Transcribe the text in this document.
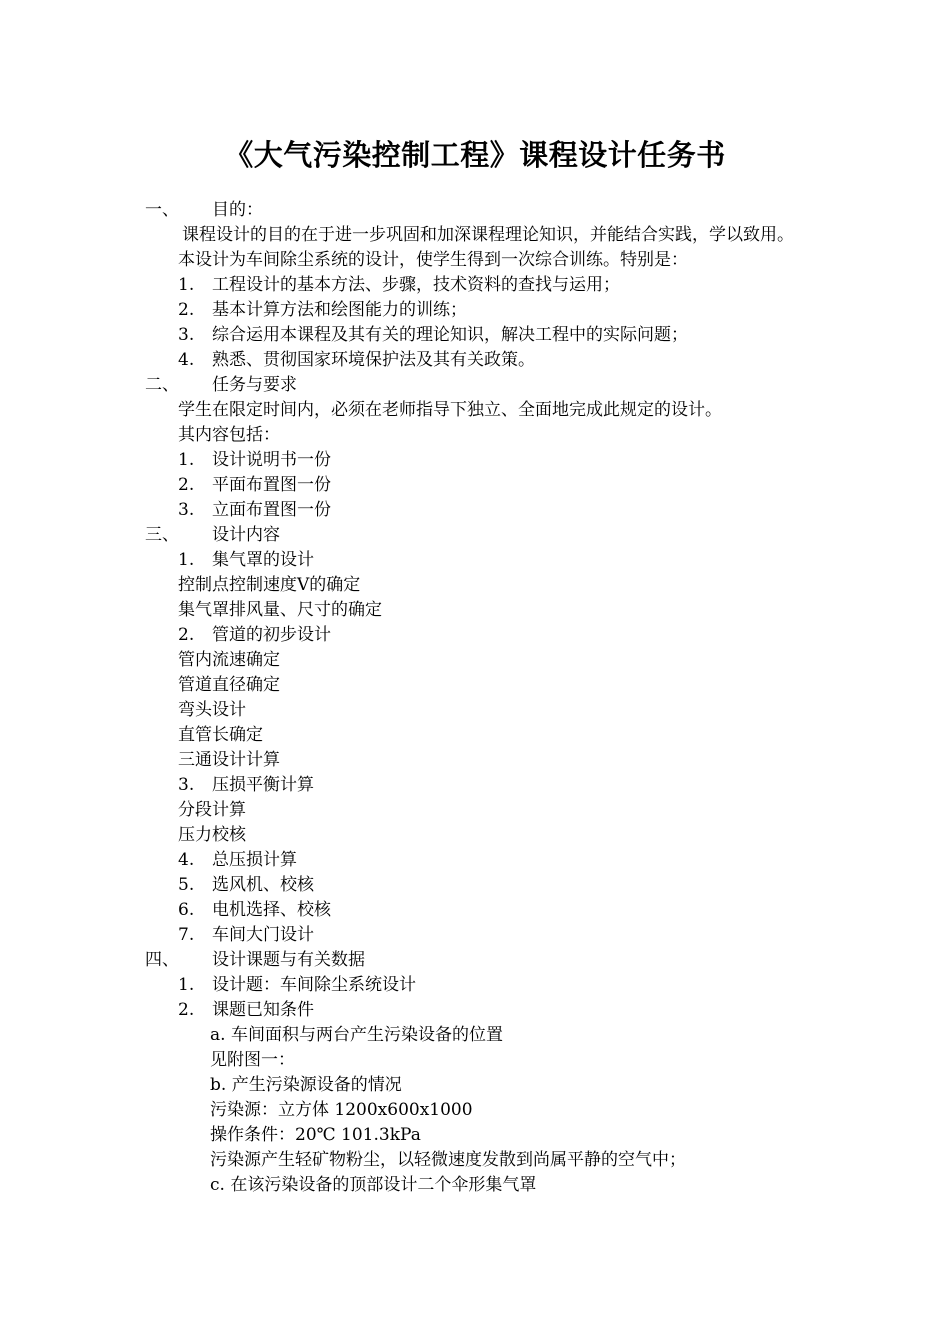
《大气污染控制工程》课程设计任务书
一、 目的：
课程设计的目的在于进一步巩固和加深课程理论知识，并能结合实践，学以致用。
本设计为车间除尘系统的设计，使学生得到一次综合训练。特别是：
1. 工程设计的基本方法、步骤，技术资料的查找与运用；
2. 基本计算方法和绘图能力的训练；
3. 综合运用本课程及其有关的理论知识，解决工程中的实际问题；
4. 熟悉、贯彻国家环境保护法及其有关政策。
二、 任务与要求
学生在限定时间内，必须在老师指导下独立、全面地完成此规定的设计。
其内容包括：
1. 设计说明书一份
2. 平面布置图一份
3. 立面布置图一份
三、 设计内容
1. 集气罩的设计
控制点控制速度V的确定
集气罩排风量、尺寸的确定
2. 管道的初步设计
管内流速确定
管道直径确定
弯头设计
直管长确定
三通设计计算
3. 压损平衡计算
分段计算
压力校核
4. 总压损计算
5. 选风机、校核
6. 电机选择、校核
7. 车间大门设计
四、 设计课题与有关数据
1. 设计题：车间除尘系统设计
2. 课题已知条件
a. 车间面积与两台产生污染设备的位置
见附图一：
b. 产生污染源设备的情况
污染源：立方体 1200x600x1000
操作条件：20℃ 101.3kPa
污染源产生轻矿物粉尘，以轻微速度发散到尚属平静的空气中；
c. 在该污染设备的顶部设计二个伞形集气罩
